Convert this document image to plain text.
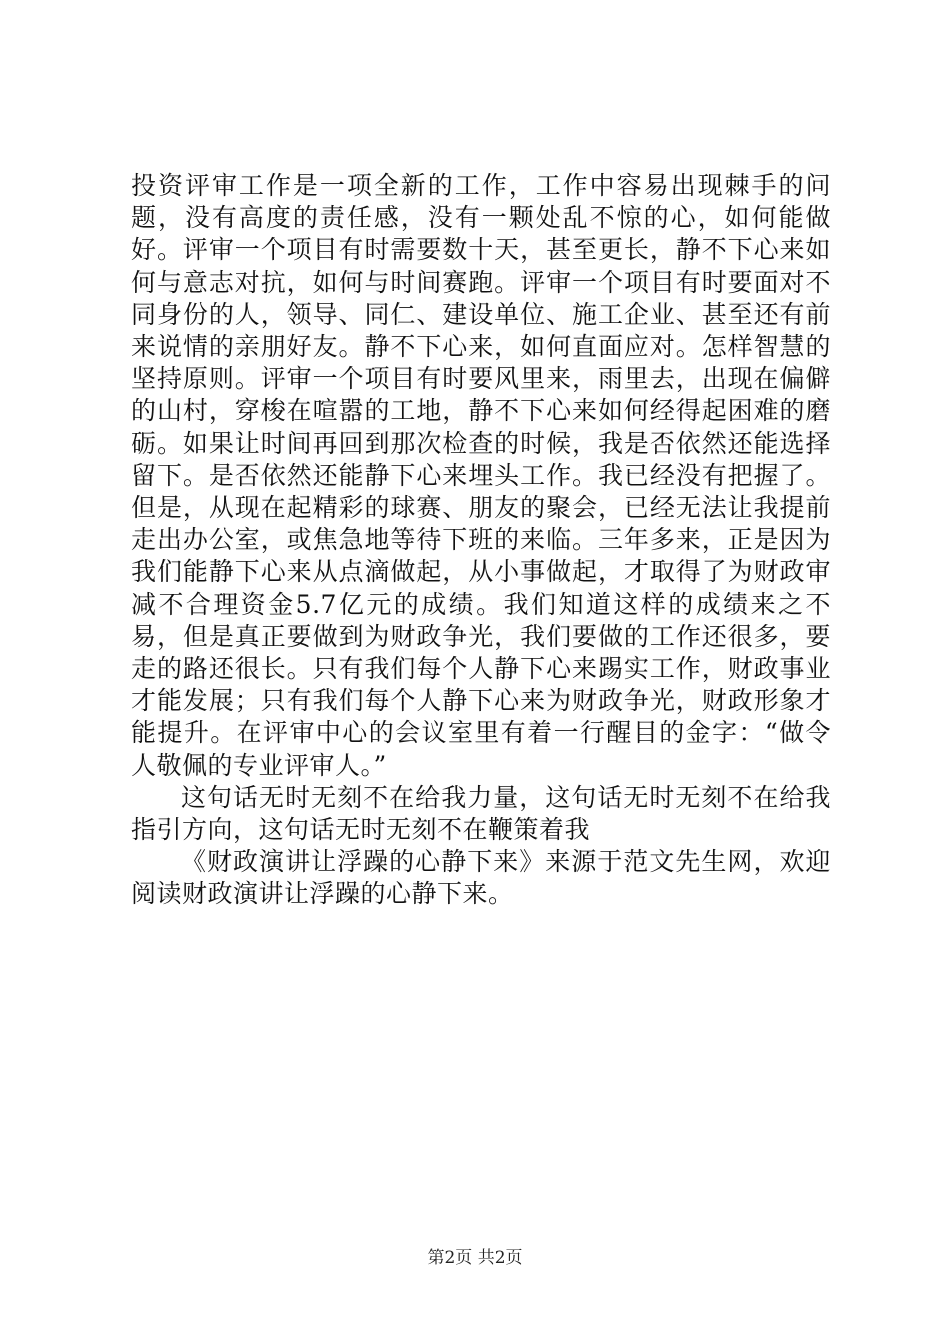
投资评审工作是一项全新的工作，工作中容易出现棘手的问题，没有高度的责任感，没有一颗处乱不惊的心，如何能做好。评审一个项目有时需要数十天，甚至更长，静不下心来如何与意志对抗，如何与时间赛跑。评审一个项目有时要面对不同身份的人，领导、同仁、建设单位、施工企业、甚至还有前来说情的亲朋好友。静不下心来，如何直面应对。怎样智慧的坚持原则。评审一个项目有时要风里来，雨里去，出现在偏僻的山村，穿梭在喧嚣的工地，静不下心来如何经得起困难的磨砺。如果让时间再回到那次检查的时候，我是否依然还能选择留下。是否依然还能静下心来埋头工作。我已经没有把握了。但是，从现在起精彩的球赛、朋友的聚会，已经无法让我提前走出办公室，或焦急地等待下班的来临。三年多来，正是因为我们能静下心来从点滴做起，从小事做起，才取得了为财政审减不合理资金5.7亿元的成绩。我们知道这样的成绩来之不易，但是真正要做到为财政争光，我们要做的工作还很多，要走的路还很长。只有我们每个人静下心来踢实工作，财政事业才能发展；只有我们每个人静下心来为财政争光，财政形象才能提升。在评审中心的会议室里有着一行醒目的金字：“做令人敬佩的专业评审人。”

这句话无时无刻不在给我力量，这句话无时无刻不在给我指引方向，这句话无时无刻不在鞭策着我

《财政演讲让浮躁的心静下来》来源于范文先生网，欢迎阅读财政演讲让浮躁的心静下来。

第2页 共2页
